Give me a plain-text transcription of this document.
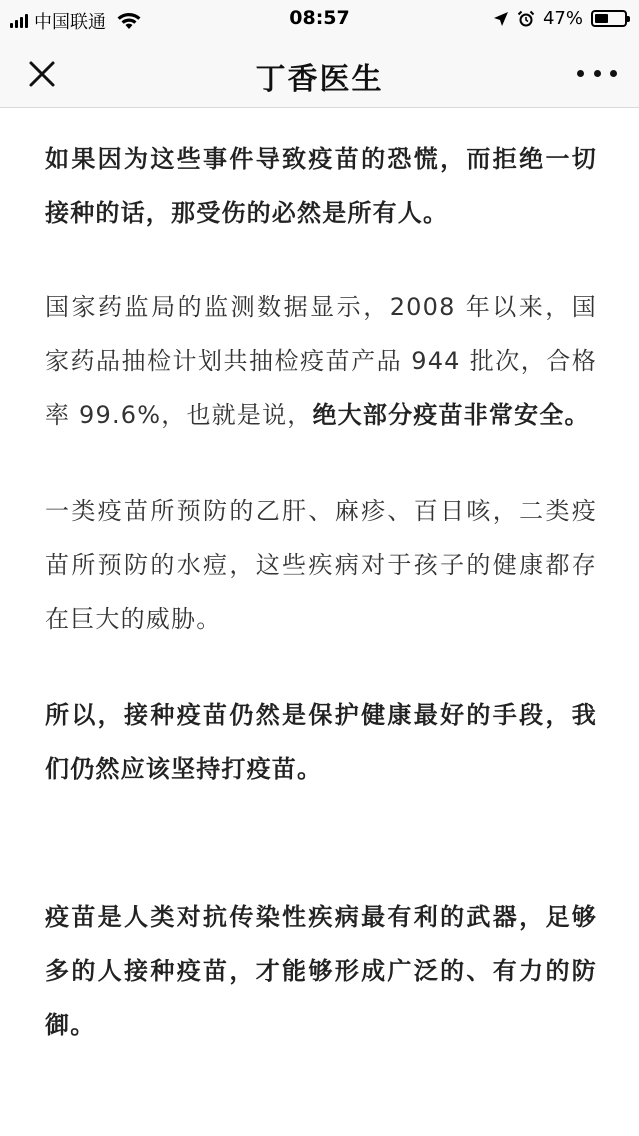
中国联通	08:57	47%
丁香医生

如果因为这些事件导致疫苗的恐慌，而拒绝一切接种的话，那受伤的必然是所有人。

国家药监局的监测数据显示，2008 年以来，国家药品抽检计划共抽检疫苗产品 944 批次，合格率 99.6%，也就是说，绝大部分疫苗非常安全。

一类疫苗所预防的乙肝、麻疹、百日咳，二类疫苗所预防的水痘，这些疾病对于孩子的健康都存在巨大的威胁。

所以，接种疫苗仍然是保护健康最好的手段，我们仍然应该坚持打疫苗。

疫苗是人类对抗传染性疾病最有利的武器，足够多的人接种疫苗，才能够形成广泛的、有力的防御。
